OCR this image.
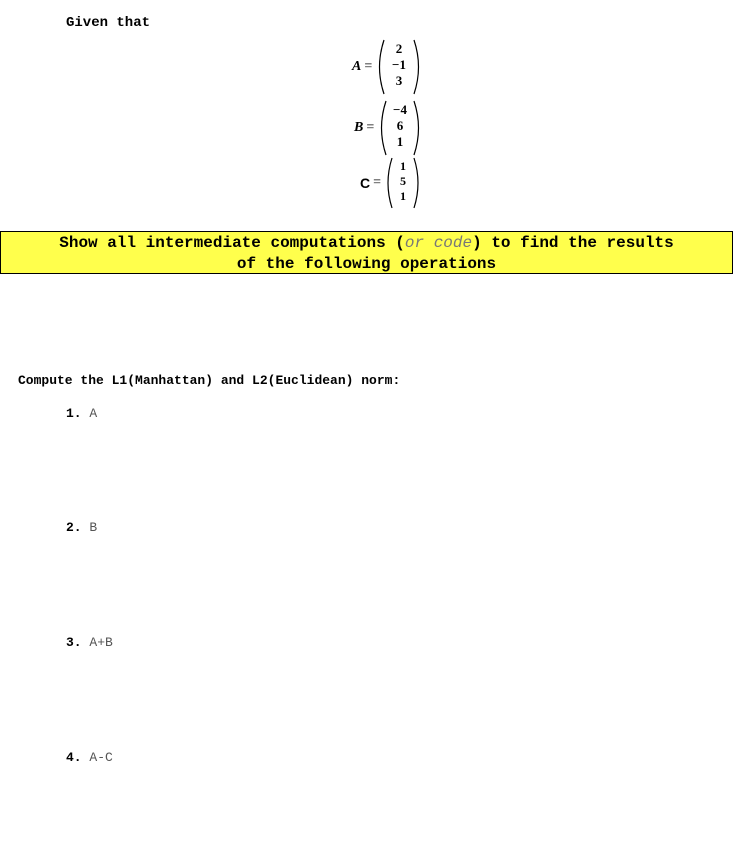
Given that
A =
2
−1
3
B =
−4
6
1
C =
1
5
1
Show all intermediate computations (or code) to find the results
of the following operations
Compute the L1(Manhattan) and L2(Euclidean) norm:
1. A
2. B
3. A+B
4. A-C
